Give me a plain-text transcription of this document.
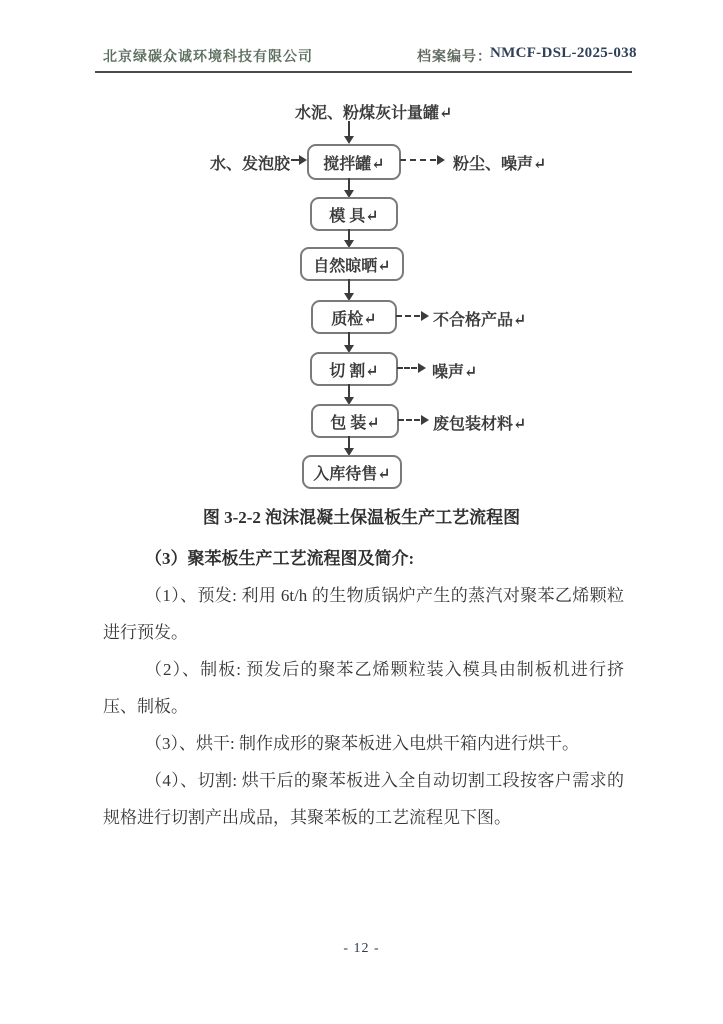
北京绿碳众诚环境科技有限公司	档案编号：
NMCF-DSL-2025-038
水泥、粉煤灰计量罐↵
搅拌罐↵
水、发泡胶	粉尘、噪声↵
模 具↵
自然晾晒↵
质检↵	不合格产品↵
切 割↵	噪声↵
包 装↵	废包装材料↵
入库待售↵
图 3-2-2 泡沫混凝土保温板生产工艺流程图
（3）聚苯板生产工艺流程图及简介:

（1）、预发: 利用 6t/h 的生物质锅炉产生的蒸汽对聚苯乙烯颗粒进行预发。

（2）、制板: 预发后的聚苯乙烯颗粒装入模具由制板机进行挤压、制板。

（3）、烘干: 制作成形的聚苯板进入电烘干箱内进行烘干。

（4）、切割: 烘干后的聚苯板进入全自动切割工段按客户需求的规格进行切割产出成品，其聚苯板的工艺流程见下图。

- 12 -
